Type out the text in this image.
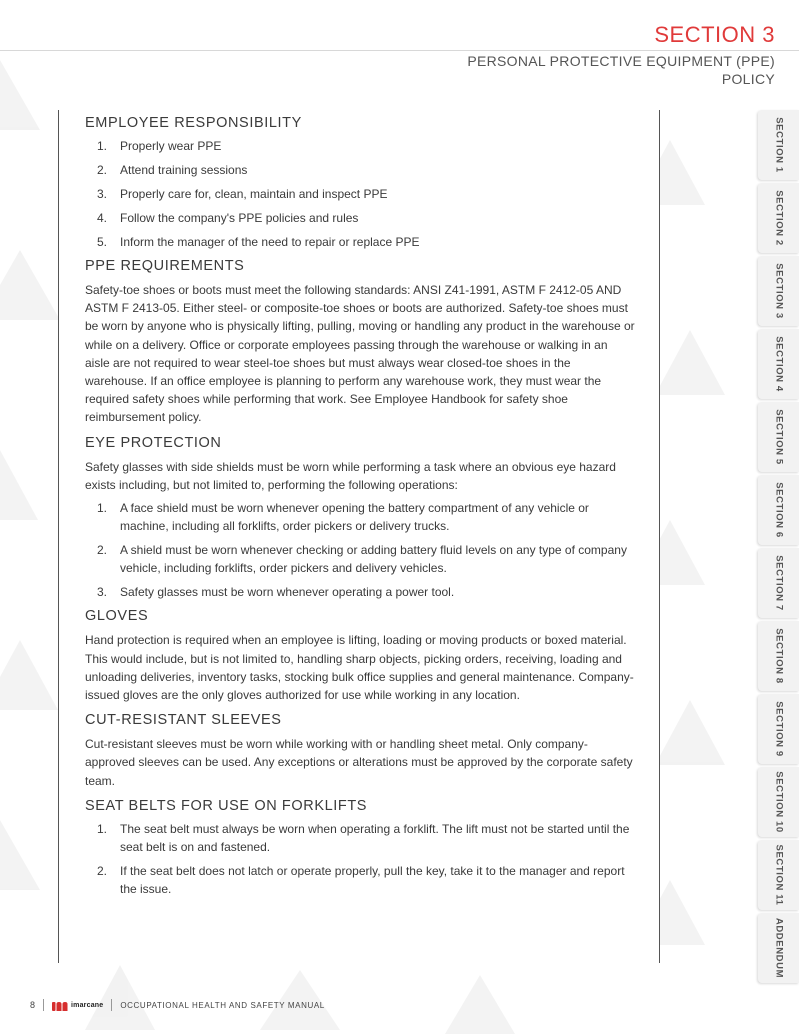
SECTION 3

PERSONAL PROTECTIVE EQUIPMENT (PPE) POLICY

EMPLOYEE RESPONSIBILITY
1. Properly wear PPE
2. Attend training sessions
3. Properly care for, clean, maintain and inspect PPE
4. Follow the company's PPE policies and rules
5. Inform the manager of the need to repair or replace PPE
PPE REQUIREMENTS

Safety-toe shoes or boots must meet the following standards: ANSI Z41-1991, ASTM F 2412-05 AND ASTM F 2413-05. Either steel- or composite-toe shoes or boots are authorized. Safety-toe shoes must be worn by anyone who is physically lifting, pulling, moving or handling any product in the warehouse or while on a delivery. Office or corporate employees passing through the warehouse or walking in an aisle are not required to wear steel-toe shoes but must always wear closed-toe shoes in the warehouse. If an office employee is planning to perform any warehouse work, they must wear the required safety shoes while performing that work. See Employee Handbook for safety shoe reimbursement policy.

EYE PROTECTION

Safety glasses with side shields must be worn while performing a task where an obvious eye hazard exists including, but not limited to, performing the following operations:

1. A face shield must be worn whenever opening the battery compartment of any vehicle or machine, including all forklifts, order pickers or delivery trucks.
2. A shield must be worn whenever checking or adding battery fluid levels on any type of company vehicle, including forklifts, order pickers and delivery vehicles.
3. Safety glasses must be worn whenever operating a power tool.
GLOVES

Hand protection is required when an employee is lifting, loading or moving products or boxed material. This would include, but is not limited to, handling sharp objects, picking orders, receiving, loading and unloading deliveries, inventory tasks, stocking bulk office supplies and general maintenance. Company-issued gloves are the only gloves authorized for use while working in any location.

CUT-RESISTANT SLEEVES

Cut-resistant sleeves must be worn while working with or handling sheet metal. Only company-approved sleeves can be used. Any exceptions or alterations must be approved by the corporate safety team.

SEAT BELTS FOR USE ON FORKLIFTS
1. The seat belt must always be worn when operating a forklift. The lift must not be started until the seat belt is on and fastened.
2. If the seat belt does not latch or operate properly, pull the key, take it to the manager and report the issue.
SECTION 1
SECTION 2
SECTION 3
SECTION 4
SECTION 5
SECTION 6
SECTION 7
SECTION 8
SECTION 9
SECTION 10
SECTION 11
ADDENDUM
8	imarcane OCCUPATIONAL HEALTH AND SAFETY MANUAL
